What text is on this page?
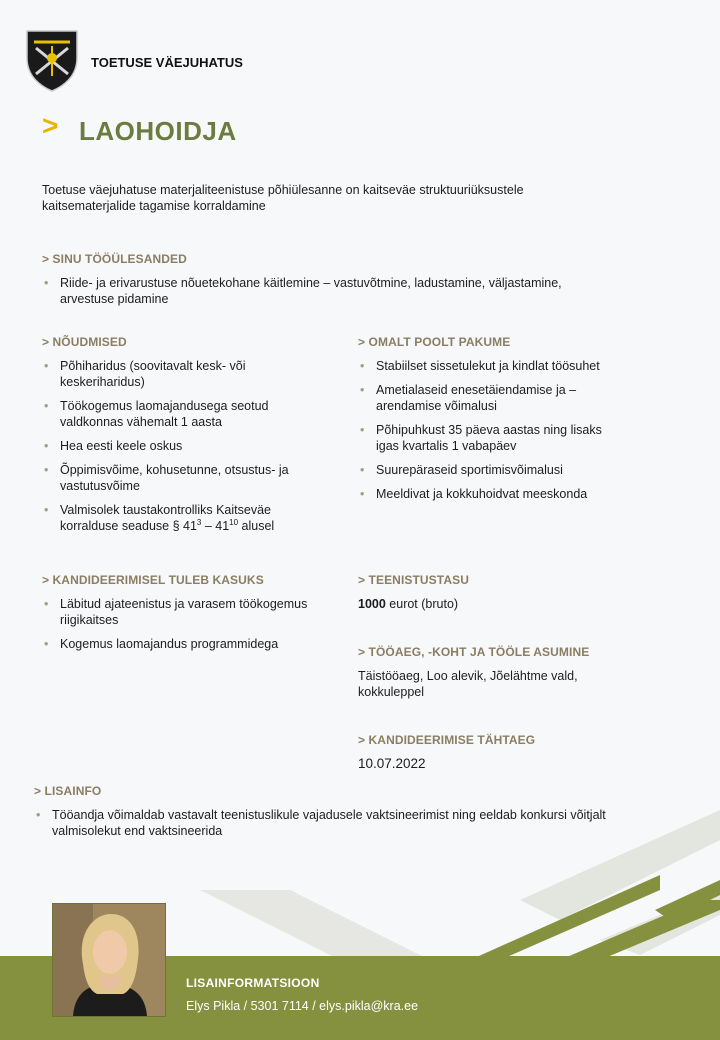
TOETUSE VÄEJUHATUS
> LAOHOIDJA
Toetuse väejuhatuse materjaliteenistuse põhiülesanne on kaitseväe struktuuriüksustele kaitsematerjalide tagamise korraldamine
> SINU TÖÖÜLESANDED
• Riide- ja erivarustuse nõuetekohane käitlemine – vastuvõtmine, ladustamine, väljastamine, arvestuse pidamine
> NÕUDMISED
• Põhiharidus (soovitavalt kesk- või keskeriharidus)
• Töökogemus laomajandusega seotud valdkonnas vähemalt 1 aasta
• Hea eesti keele oskus
• Õppimisvõime, kohusetunne, otsustus- ja vastutusvõime
• Valmisolek taustakontrolliks Kaitseväe korralduse seaduse § $41^3 - 41^{10}$ alusel
> OMALT POOLT PAKUME
• Stabiilset sissetulekut ja kindlat töösuhet
• Ametialaseid enesetäiendamise ja – arendamise võimalusi
• Põhipuhkust 35 päeva aastas ning lisaks igas kvartalis 1 vabapäev
• Suurepäraseid sportimisvõimalusi
• Meeldivat ja kokkuhoidvat meeskonda
> KANDIDEERIMISEL TULEB KASUKS
• Läbitud ajateenistus ja varasem töökogemus riigikaitses
• Kogemus laomajandus programmidega
> TEENISTUSTASU
1000 eurot (bruto)
> TÖÖAEG, -KOHT JA TÖÖLE ASUMINE
Täistööaeg, Loo alevik, Jõelähtme vald, kokkuleppel
> KANDIDEERIMISE TÄHTAEG
10.07.2022
> LISAINFO
• Tööandja võimaldab vastavalt teenistuslikule vajadusele vaktsineerimist ning eeldab konkursi võitjalt valmisolekut end vaktsineerida
LISAINFORMATSIOON
Elys Pikla / 5301 7114 / elys.pikla@kra.ee
